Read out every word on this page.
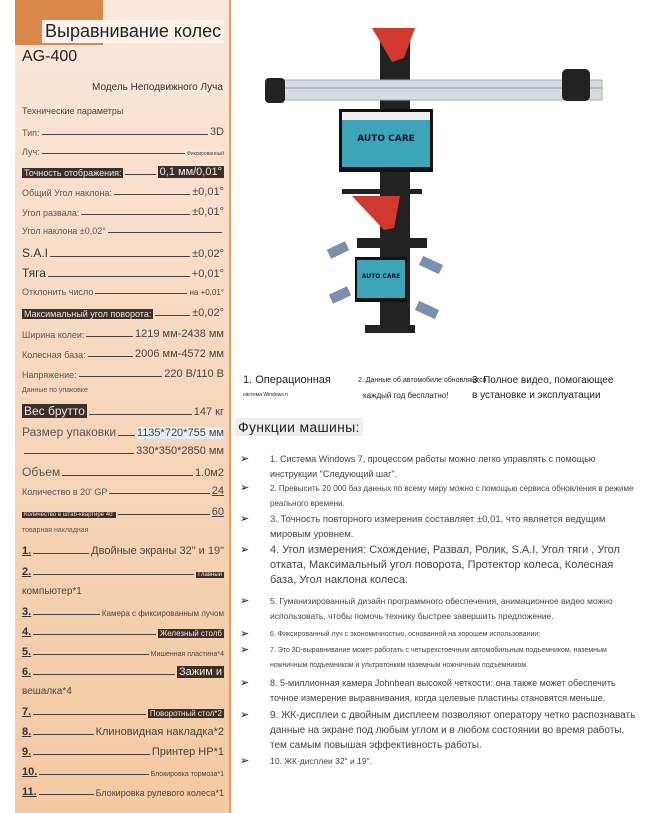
Выравнивание колес
AG-400
Модель Неподвижного Луча
Технические параметры
Тип:	3D
Луч:	Фиксированный
Точность отображения:	0,1 мм/0,01°
Общий Угол наклона:	±0,01°
Угол развала:	±0,01°
Угол наклона ±0,02°
S.A.I	±0,02°
Тяга	+0,01°
Отклонить число	на +0,01°
Максимальный угол поворота:	±0,02°
Ширина колеи:	1219 мм-2438 мм
Колесная база:	2006 мм-4572 мм
Напряжение:	220 В/110 В
Данные по упаковке
Вес брутто	147 кг
Размер упаковки 1135*720*755 мм
330*350*2850 мм
Объем	1.0м2
Количество в 20' GP	24
Количество в штаб-квартире 40'	60
товарная накладная
1.	Двойные экраны 32" и 19"
2.	Главный
компьютер*1
3.	Камера с фиксированным лучом
4.	Железный столб
5.	Мишенная пластина*4
6.	Зажим и
вешалка*4
7.	Поворотный стол*2
8.	Клиновидная накладка*2
9.	Принтер HP*1
10.	Блокировка тормоза*1
11.	Блокировка рулевого колеса*1
AUTO CARE
AUTO CARE
1. Операционная
система Windows n
2. Данные об автомобиле обновляются
каждый год бесплатно!
3. Полное видео, помогающее
в установке и эксплуатации
Функции машины:
➢	1. Система Windows 7, процессом работы можно легко управлять с помощью инструкции "Следующий шаг".
➢	2. Превысить 20 000 баз данных по всему миру можно с помощью сервиса обновления в режиме реального времени.
➢	3. Точность повторного измерения составляет ±0,01, что является ведущим мировым уровнем.
➢	4. Угол измерения: Схождение, Развал, Ролик, S.A.I, Угол тяги , Угол отката, Максимальный угол поворота, Протектор колеса, Колесная база, Угол наклона колеса.
➢	5. Гуманизированный дизайн программного обеспечения, анимационное видео можно использовать, чтобы помочь технику быстрее завершить предложение.
➢	6. Фиксированный луч с экономичностью, основанной на хорошем использовании;
➢	7. Это 3D-выравнивание может работать с четырехстоечным автомобильным подъемником, наземным ножничным подъемником и ультратонким наземным ножничным подъемником.
➢	8. 5-миллионная камера Johnbean высокой четкости: она также может обеспечить точное измерение выравнивания, когда целевые пластины становятся меньше.
➢	9. ЖК-дисплеи с двойным дисплеем позволяют оператору четко распознавать данные на экране под любым углом и в любом состоянии во время работы, тем самым повышая эффективность работы.
➢	10. ЖК-дисплеи 32" и 19".
